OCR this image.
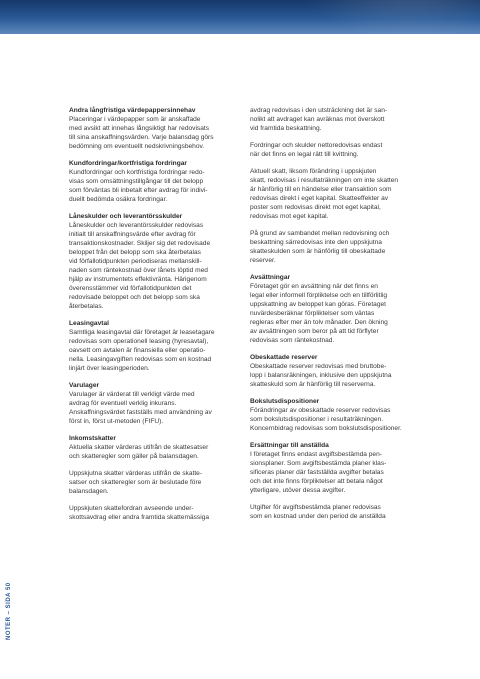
Andra långfristiga värdepappersinnehav

Placeringar i värdepapper som är anskaffade
med avsikt att innehas långsiktigt har redovisats
till sina anskaffningsvärden. Varje balansdag görs
bedömning om eventuellt nedskrivningsbehov.

Kundfordringar/kortfristiga fordringar

Kundfordringar och kortfristiga fordringar redo-
visas som omsättningstillgångar till det belopp
som förväntas bli inbetalt efter avdrag för indivi-
duellt bedömda osäkra fordringar.

Låneskulder och leverantörsskulder

Låneskulder och leverantörsskulder redovisas
initialt till anskaffningsvärde efter avdrag för
transaktionskostnader. Skiljer sig det redovisade
beloppet från det belopp som ska återbetalas
vid förfallotidpunkten periodiseras mellanskill-
naden som räntekostnad över lånets löptid med
hjälp av instrumentets effektivränta. Härigenom
överensstämmer vid förfallotidpunkten det
redovisade beloppet och det belopp som ska
återbetalas.

Leasingavtal

Samtliga leasingavtal där företaget är leasetagare
redovisas som operationell leasing (hyresavtal),
oavsett om avtalen är finansiella eller operatio-
nella. Leasingavgiften redovisas som en kostnad
linjärt över leasingperioden.

Varulager

Varulager är värderat till verkligt värde med
avdrag för eventuell verklig inkurans.
Anskaffningsvärdet fastställs med användning av
först in, först ut-metoden (FIFU).

Inkomstskatter

Aktuella skatter värderas utifrån de skattesatser
och skatteregler som gäller på balansdagen.

Uppskjutna skatter värderas utifrån de skatte-
satser och skatteregler som är beslutade före
balansdagen.

Uppskjuten skattefordran avseende under-
skottsavdrag eller andra framtida skattemässiga

avdrag redovisas i den utsträckning det är san-
nolikt att avdraget kan avräknas mot överskott
vid framtida beskattning.

Fordringar och skulder nettoredovisas endast
när det finns en legal rätt till kvittning.

Aktuell skatt, liksom förändring i uppskjuten
skatt, redovisas i resultaträkningen om inte skatten
är hänförlig till en händelse eller transaktion som
redovisas direkt i eget kapital. Skatteeffekter av
poster som redovisas direkt mot eget kapital,
redovisas mot eget kapital.

På grund av sambandet mellan redovisning och
beskattning särredovisas inte den uppskjutna
skatteskulden som är hänförlig till obeskattade
reserver.

Avsättningar

Företaget gör en avsättning när det finns en
legal eller informell förpliktelse och en tillförlitlig
uppskattning av beloppet kan göras. Företaget
nuvärdesberäknar förpliktelser som väntas
regleras efter mer än tolv månader. Den ökning
av avsättningen som beror på att tid förflyter
redovisas som räntekostnad.

Obeskattade reserver

Obeskattade reserver redovisas med bruttobe-
lopp i balansräkningen, inklusive den uppskjutna
skatteskuld som är hänförlig till reserverna.

Bokslutsdispositioner

Förändringar av obeskattade reserver redovisas
som bokslutsdispositioner i resultaträkningen.
Koncernbidrag redovisas som bokslutsdispositioner.

Ersättningar till anställda

I företaget finns endast avgiftsbestämda pen-
sionsplaner. Som avgiftsbestämda planer klas-
sificeras planer där fastställda avgifter betalas
och det inte finns förpliktelser att betala något
ytterligare, utöver dessa avgifter.

Utgifter för avgiftsbestämda planer redovisas
som en kostnad under den period de anställda

NOTER – SIDA 50
